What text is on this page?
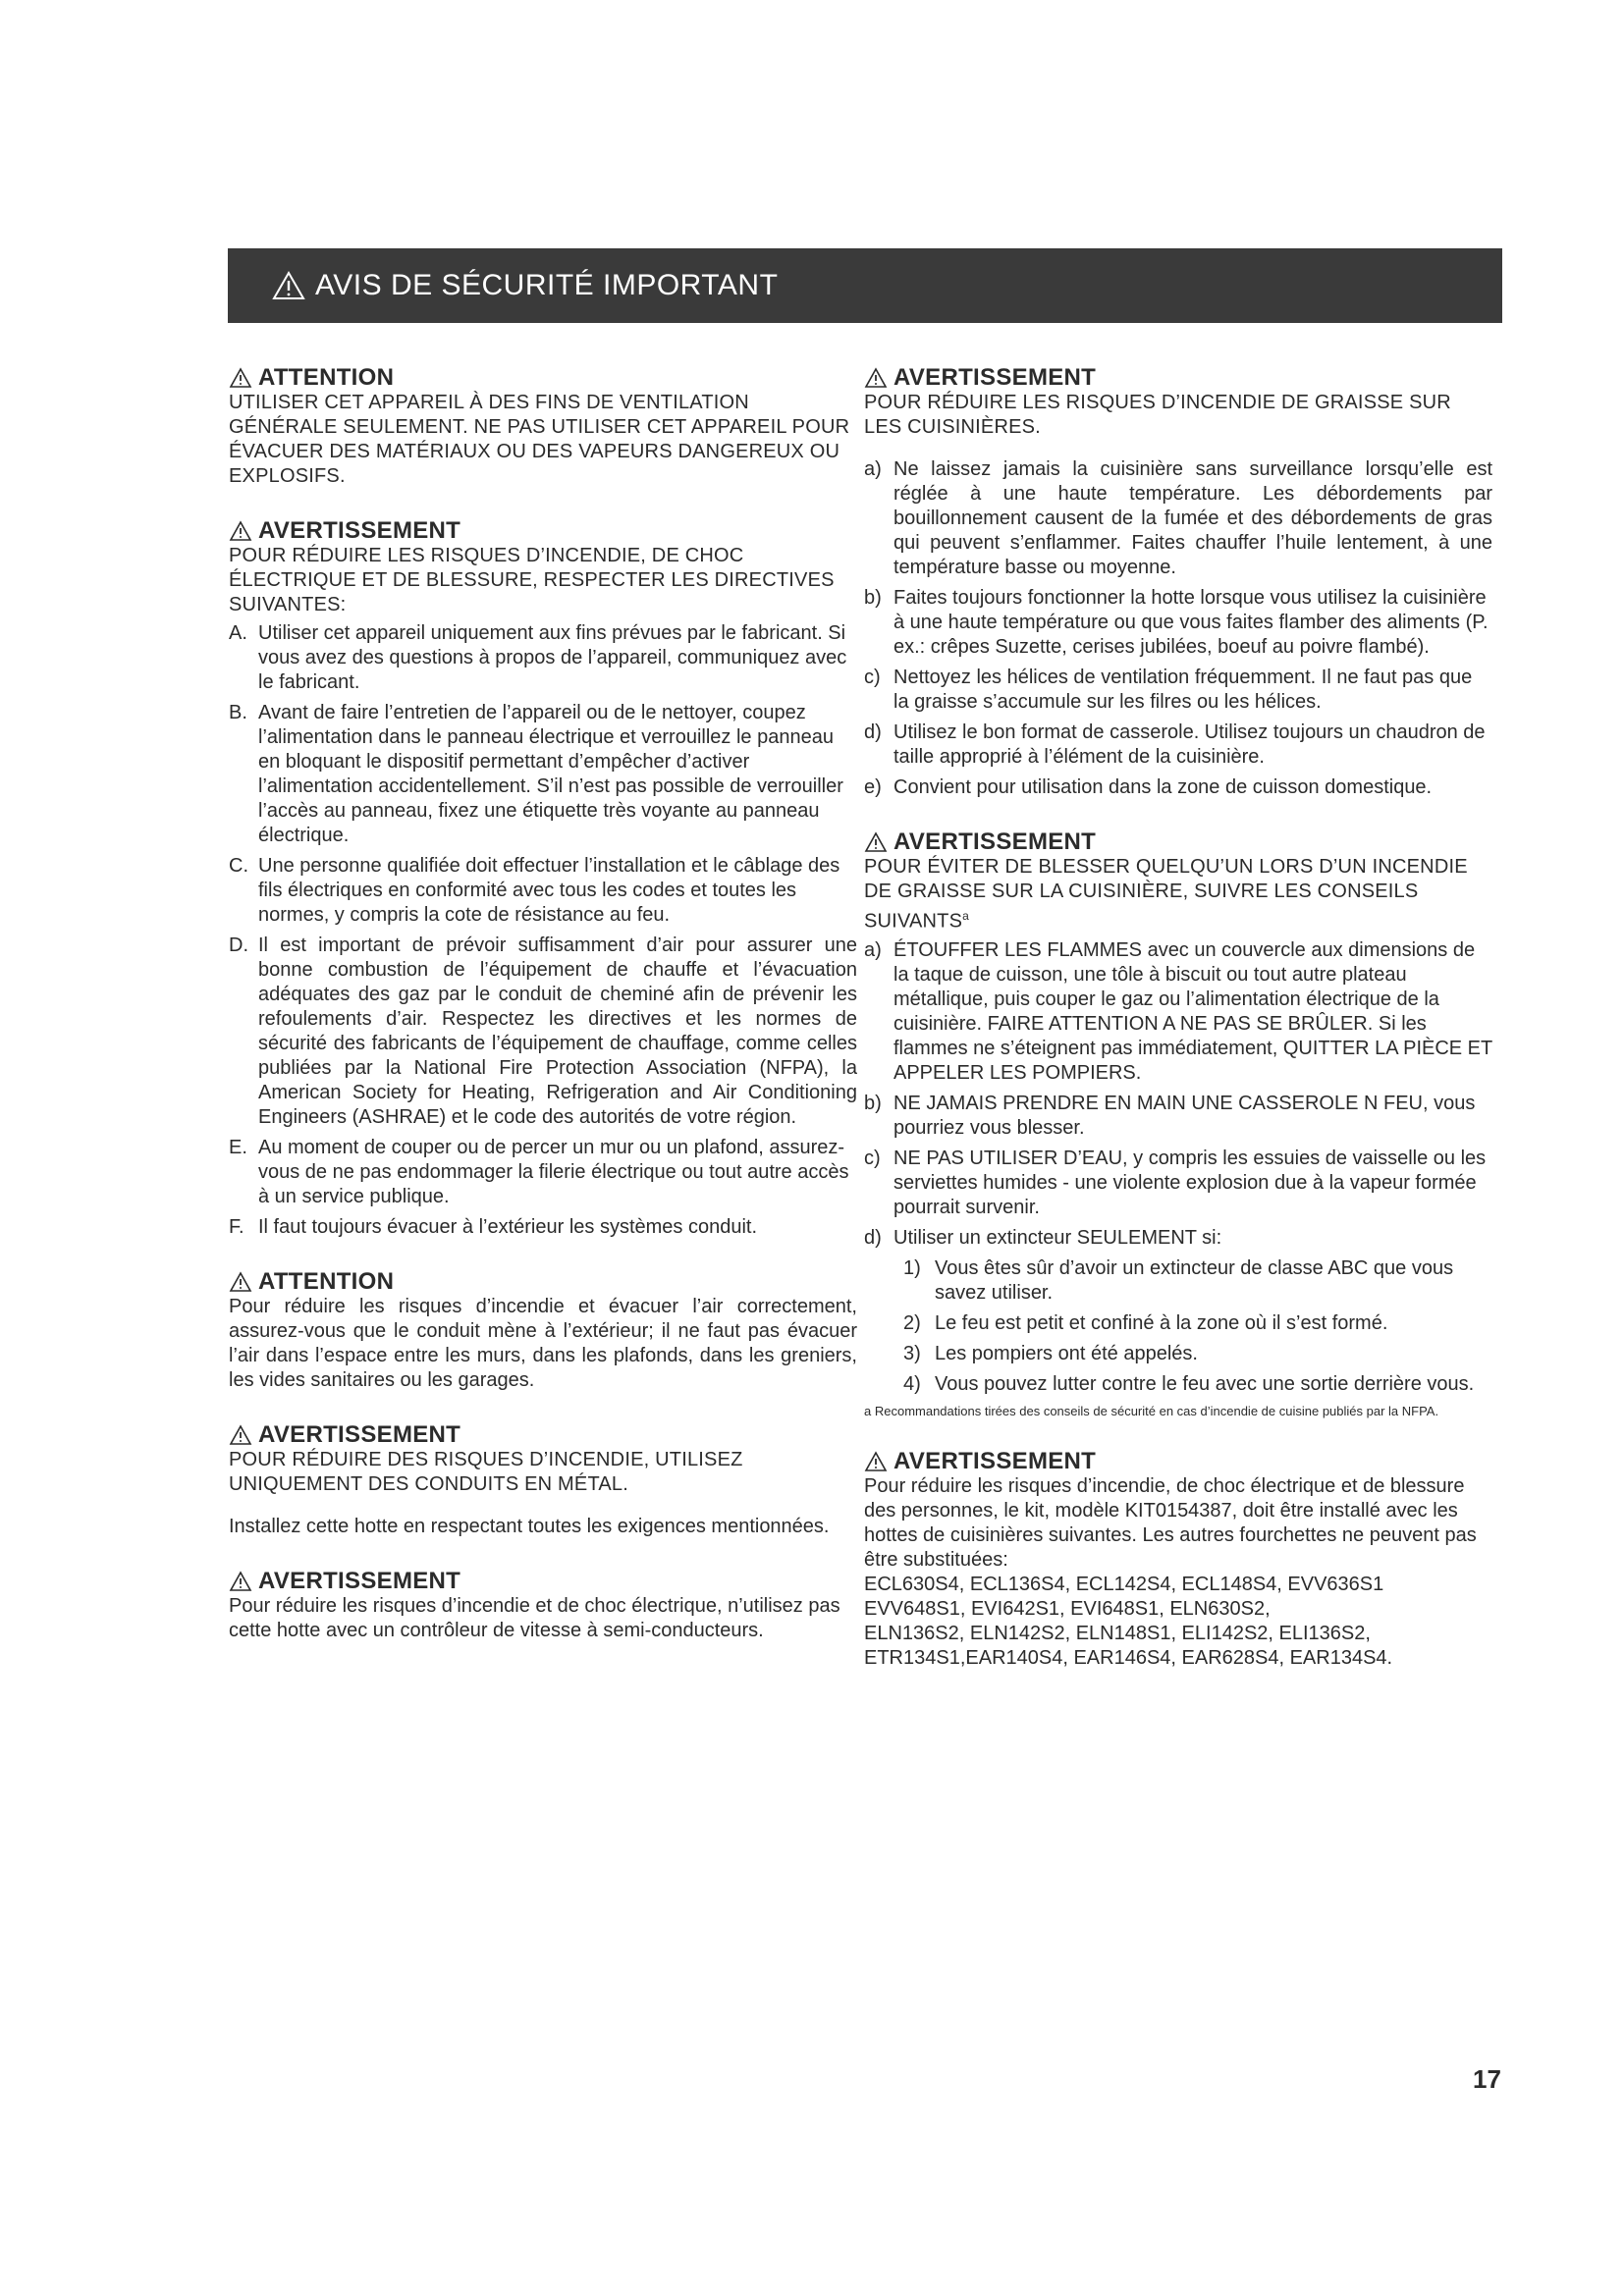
AVIS DE SÉCURITÉ IMPORTANT
ATTENTION

UTILISER CET APPAREIL À DES FINS DE VENTILATION GÉNÉRALE SEULEMENT. NE PAS UTILISER CET APPAREIL POUR ÉVACUER DES MATÉRIAUX OU DES VAPEURS DANGEREUX OU EXPLOSIFS.

AVERTISSEMENT

POUR RÉDUIRE LES RISQUES D’INCENDIE, DE CHOC ÉLECTRIQUE ET DE BLESSURE, RESPECTER LES DIRECTIVES SUIVANTES:

A. Utiliser cet appareil uniquement aux fins prévues par le fabricant. Si vous avez des questions à propos de l’appareil, communiquez avec le fabricant.
B. Avant de faire l’entretien de l’appareil ou de le nettoyer, coupez l’alimentation dans le panneau électrique et verrouillez le panneau en bloquant le dispositif permettant d’empêcher d’activer l’alimentation accidentellement. S’il n’est pas possible de verrouiller l’accès au panneau, fixez une étiquette très voyante au panneau électrique.
C. Une personne qualifiée doit effectuer l’installation et le câblage des fils électriques en conformité avec tous les codes et toutes les normes, y compris la cote de résistance au feu.
D. Il est important de prévoir suffisamment d’air pour assurer une bonne combustion de l’équipement de chauffe et l’évacuation adéquates des gaz par le conduit de cheminé afin de prévenir les refoulements d’air. Respectez les directives et les normes de sécurité des fabricants de l’équipement de chauffage, comme celles publiées par la National Fire Protection Association (NFPA), la American Society for Heating, Refrigeration and Air Conditioning Engineers (ASHRAE) et le code des autorités de votre région.
E. Au moment de couper ou de percer un mur ou un plafond, assurez-vous de ne pas endommager la filerie électrique ou tout autre accès à un service publique.
F. Il faut toujours évacuer à l’extérieur les systèmes conduit.
ATTENTION

Pour réduire les risques d’incendie et évacuer l’air correctement, assurez-vous que le conduit mène à l’extérieur; il ne faut pas évacuer l’air dans l’espace entre les murs, dans les plafonds, dans les greniers, les vides sanitaires ou les garages.

AVERTISSEMENT

POUR RÉDUIRE DES RISQUES D’INCENDIE, UTILISEZ UNIQUEMENT DES CONDUITS EN MÉTAL.

Installez cette hotte en respectant toutes les exigences mentionnées.

AVERTISSEMENT

Pour réduire les risques d’incendie et de choc électrique, n’utilisez pas cette hotte avec un contrôleur de vitesse à semi-conducteurs.

AVERTISSEMENT

POUR RÉDUIRE LES RISQUES D’INCENDIE DE GRAISSE SUR LES CUISINIÈRES.

a) Ne laissez jamais la cuisinière sans surveillance lorsqu’elle est réglée à une haute température. Les débordements par bouillonnement causent de la fumée et des débordements de gras qui peuvent s’enflammer. Faites chauffer l’huile lentement, à une température basse ou moyenne.
b) Faites toujours fonctionner la hotte lorsque vous utilisez la cuisinière à une haute température ou que vous faites flamber des aliments (P. ex.: crêpes Suzette, cerises jubilées, boeuf au poivre flambé).
c) Nettoyez les hélices de ventilation fréquemment. Il ne faut pas que la graisse s’accumule sur les filres ou les hélices.
d) Utilisez le bon format de casserole. Utilisez toujours un chaudron de taille approprié à l’élément de la cuisinière.
e) Convient pour utilisation dans la zone de cuisson domestique.
AVERTISSEMENT

POUR ÉVITER DE BLESSER QUELQU’UN LORS D’UN INCENDIE DE GRAISSE SUR LA CUISINIÈRE, SUIVRE LES CONSEILS SUIVANTS$^a$

a) ÉTOUFFER LES FLAMMES avec un couvercle aux dimensions de la taque de cuisson, une tôle à biscuit ou tout autre plateau métallique, puis couper le gaz ou l’alimentation électrique de la cuisinière. FAIRE ATTENTION A NE PAS SE BRÛLER. Si les flammes ne s’éteignent pas immédiatement, QUITTER LA PIÈCE ET APPELER LES POMPIERS.
b) NE JAMAIS PRENDRE EN MAIN UNE CASSEROLE N FEU, vous pourriez vous blesser.
c) NE PAS UTILISER D’EAU, y compris les essuies de vaisselle ou les serviettes humides - une violente explosion due à la vapeur formée pourrait survenir.
d) Utiliser un extincteur SEULEMENT si:
1) Vous êtes sûr d’avoir un extincteur de classe ABC que vous savez utiliser.
2) Le feu est petit et confiné à la zone où il s’est formé.
3) Les pompiers ont été appelés.
4) Vous pouvez lutter contre le feu avec une sortie derrière vous.

a Recommandations tirées des conseils de sécurité en cas d’incendie de cuisine publiés par la NFPA.

AVERTISSEMENT

Pour réduire les risques d’incendie, de choc électrique et de blessure des personnes, le kit, modèle KIT0154387, doit être installé avec les hottes de cuisinières suivantes. Les autres fourchettes ne peuvent pas être substituées:

ECL630S4, ECL136S4, ECL142S4, ECL148S4, EVV636S1

EVV648S1, EVI642S1, EVI648S1, ELN630S2,

ELN136S2, ELN142S2, ELN148S1, ELI142S2, ELI136S2,

ETR134S1,EAR140S4, EAR146S4, EAR628S4, EAR134S4.

17
